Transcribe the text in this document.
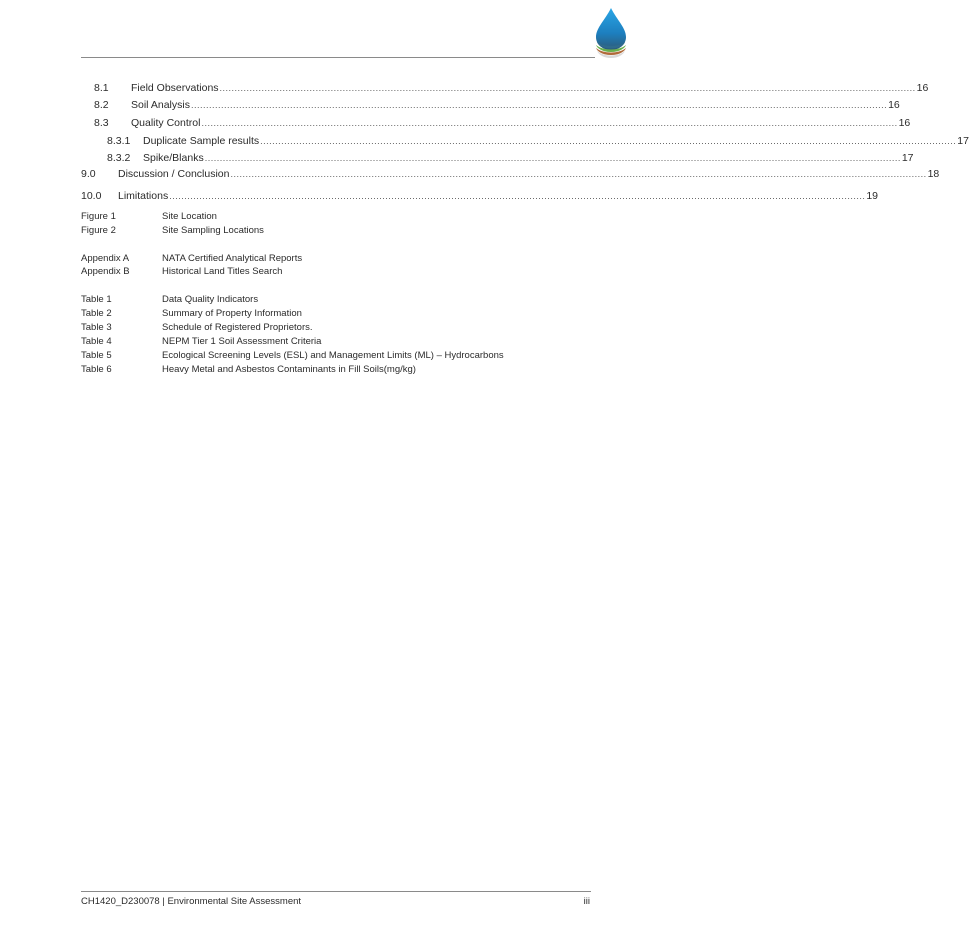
8.1	Field Observations ........................................................................................................................................................................................................................................ 16
8.2	Soil Analysis ........................................................................................................................................................................................................................................ 16
8.3	Quality Control ........................................................................................................................................................................................................................................ 16
8.3.1	Duplicate Sample results ........................................................................................................................................................................................................................................ 17
8.3.2	Spike/Blanks ........................................................................................................................................................................................................................................ 17
9.0	Discussion / Conclusion ........................................................................................................................................................................................................................................ 18
10.0	Limitations ........................................................................................................................................................................................................................................ 19
Figure 1	Site Location
Figure 2	Site Sampling Locations
Appendix A	NATA Certified Analytical Reports
Appendix B	Historical Land Titles Search
Table 1	Data Quality Indicators
Table 2	Summary of Property Information
Table 3	Schedule of Registered Proprietors.
Table 4	NEPM Tier 1 Soil Assessment Criteria
Table 5	Ecological Screening Levels (ESL) and Management Limits (ML) – Hydrocarbons
Table 6	Heavy Metal and Asbestos Contaminants in Fill Soils(mg/kg)
CH1420_D230078 | Environmental Site Assessment	iii
